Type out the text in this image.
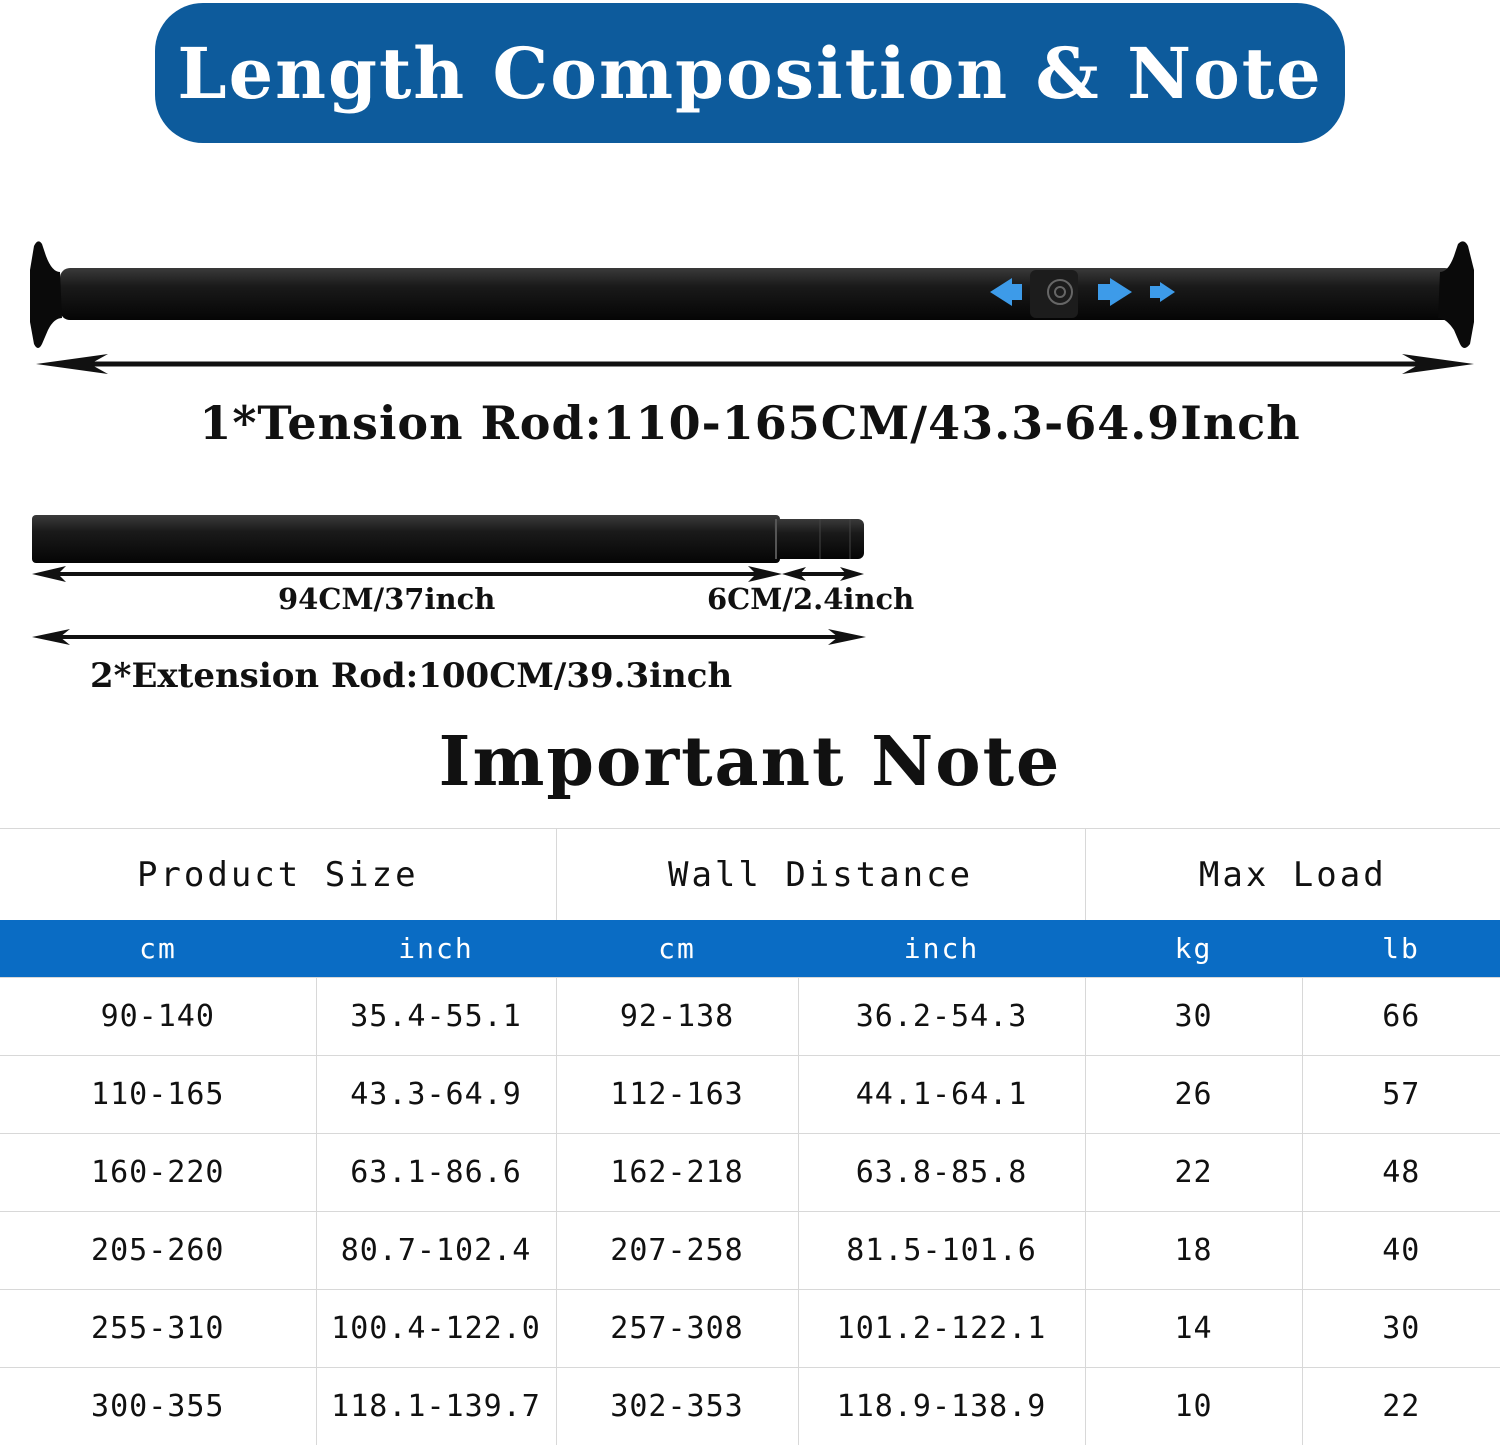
Length Composition & Note
1*Tension Rod:110-165CM/43.3-64.9Inch
94CM/37inch	6CM/2.4inch
2*Extension Rod:100CM/39.3inch
Important Note
Product Size		Wall Distance		Max Load	
cm	inch	cm	inch	kg	lb
90-140	35.4-55.1	92-138	36.2-54.3	30	66
110-165	43.3-64.9	112-163	44.1-64.1	26	57
160-220	63.1-86.6	162-218	63.8-85.8	22	48
205-260	80.7-102.4	207-258	81.5-101.6	18	40
255-310	100.4-122.0	257-308	101.2-122.1	14	30
300-355	118.1-139.7	302-353	118.9-138.9	10	22
